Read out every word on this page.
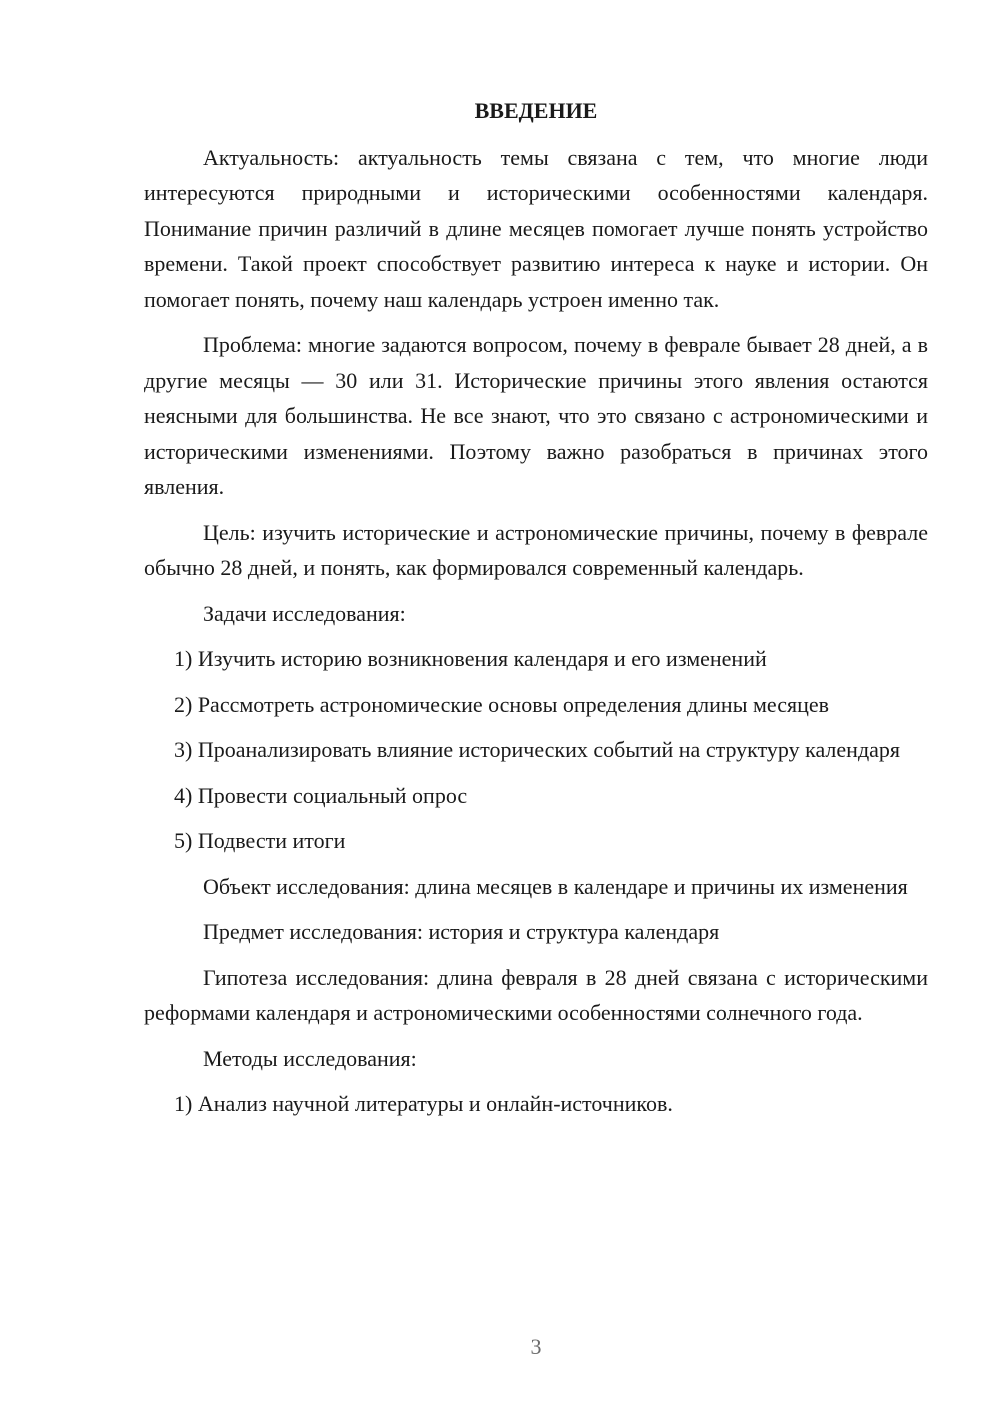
ВВЕДЕНИЕ

Актуальность: актуальность темы связана с тем, что многие люди интересуются природными и историческими особенностями календаря. Понимание причин различий в длине месяцев помогает лучше понять устройство времени. Такой проект способствует развитию интереса к науке и истории. Он помогает понять, почему наш календарь устроен именно так.

Проблема: многие задаются вопросом, почему в феврале бывает 28 дней, а в другие месяцы — 30 или 31. Исторические причины этого явления остаются неясными для большинства. Не все знают, что это связано с астрономическими и историческими изменениями. Поэтому важно разобраться в причинах этого явления.

Цель: изучить исторические и астрономические причины, почему в феврале обычно 28 дней, и понять, как формировался современный календарь.

Задачи исследования:

1) Изучить историю возникновения календаря и его изменений

2) Рассмотреть астрономические основы определения длины месяцев

3) Проанализировать влияние исторических событий на структуру календаря

4) Провести социальный опрос

5) Подвести итоги

Объект исследования: длина месяцев в календаре и причины их изменения

Предмет исследования: история и структура календаря

Гипотеза исследования: длина февраля в 28 дней связана с историческими реформами календаря и астрономическими особенностями солнечного года.

Методы исследования:

1) Анализ научной литературы и онлайн-источников.

3
